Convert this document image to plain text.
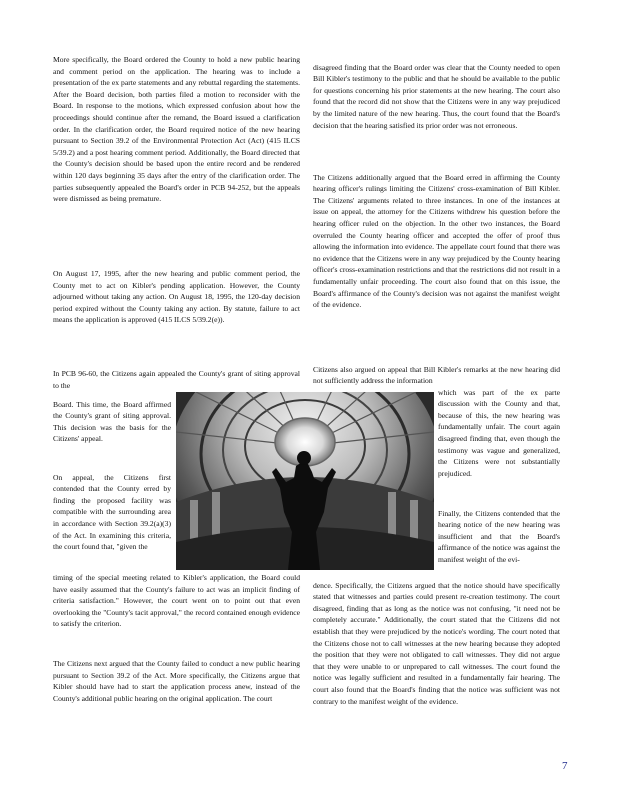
More specifically, the Board ordered the County to hold a new public hearing and comment period on the application. The hearing was to include a presentation of the ex parte statements and any rebuttal regarding the statements. After the Board decision, both parties filed a motion to reconsider with the Board. In response to the motions, which expressed confusion about how the proceedings should continue after the remand, the Board issued a clarification order. In the clarification order, the Board required notice of the new hearing pursuant to Section 39.2 of the Environmental Protection Act (Act) (415 ILCS 5/39.2) and a post hearing comment period. Additionally, the Board directed that the County's decision should be based upon the entire record and be rendered within 120 days beginning 35 days after the entry of the clarification order. The parties subsequently appealed the Board's order in PCB 94-252, but the appeals were dismissed as being premature.

On August 17, 1995, after the new hearing and public comment period, the County met to act on Kibler's pending application. However, the County adjourned without taking any action. On August 18, 1995, the 120-day decision period expired without the County taking any action. By statute, failure to act means the application is approved (415 ILCS 5/39.2(e)).

In PCB 96-60, the Citizens again appealed the County's grant of siting approval to the

Board. This time, the Board affirmed the County's grant of siting approval. This decision was the basis for the Citizens' appeal.

On appeal, the Citizens first contended that the County erred by finding the proposed facility was compatible with the surrounding area in accordance with Section 39.2(a)(3) of the Act. In examining this criteria, the court found that, "given the

timing of the special meeting related to Kibler's application, the Board could have easily assumed that the County's failure to act was an implicit finding of criteria satisfaction." However, the court went on to point out that even overlooking the "County's tacit approval," the record contained enough evidence to satisfy the criterion.

The Citizens next argued that the County failed to conduct a new public hearing pursuant to Section 39.2 of the Act. More specifically, the Citizens argue that Kibler should have had to start the application process anew, instead of the County's additional public hearing on the original application. The court

disagreed finding that the Board order was clear that the County needed to open Bill Kibler's testimony to the public and that he should be available to the public for questions concerning his prior statements at the new hearing. The court also found that the record did not show that the Citizens were in any way prejudiced by the limited nature of the new hearing. Thus, the court found that the Board's decision that the hearing satisfied its prior order was not erroneous.

The Citizens additionally argued that the Board erred in affirming the County hearing officer's rulings limiting the Citizens' cross-examination of Bill Kibler. The Citizens' arguments related to three instances. In one of the instances at issue on appeal, the attorney for the Citizens withdrew his question before the hearing officer ruled on the objection. In the other two instances, the Board overruled the County hearing officer and accepted the offer of proof thus allowing the information into evidence. The appellate court found that there was no evidence that the Citizens were in any way prejudiced by the County hearing officer's cross-examination restrictions and that the restrictions did not result in a fundamentally unfair proceeding. The court also found that on this issue, the Board's affirmance of the County's decision was not against the manifest weight of the evidence.

Citizens also argued on appeal that Bill Kibler's remarks at the new hearing did not sufficiently address the information

which was part of the ex parte discussion with the County and that, because of this, the new hearing was fundamentally unfair. The court again disagreed finding that, even though the testimony was vague and generalized, the Citizens were not substantially prejudiced.

Finally, the Citizens contended that the hearing notice of the new hearing was insufficient and that the Board's affirmance of the notice was against the manifest weight of the evi-

dence. Specifically, the Citizens argued that the notice should have specifically stated that witnesses and parties could present re-creation testimony. The court disagreed, finding that as long as the notice was not confusing, "it need not be completely accurate." Additionally, the court stated that the Citizens did not establish that they were prejudiced by the notice's wording. The court noted that the Citizens chose not to call witnesses at the new hearing because they adopted the position that they were not obligated to call witnesses. They did not argue that they were unable to or unprepared to call witnesses. The court found the notice was legally sufficient and resulted in a fundamentally fair hearing. The court also found that the Board's finding that the notice was sufficient was not contrary to the manifest weight of the evidence.

7
